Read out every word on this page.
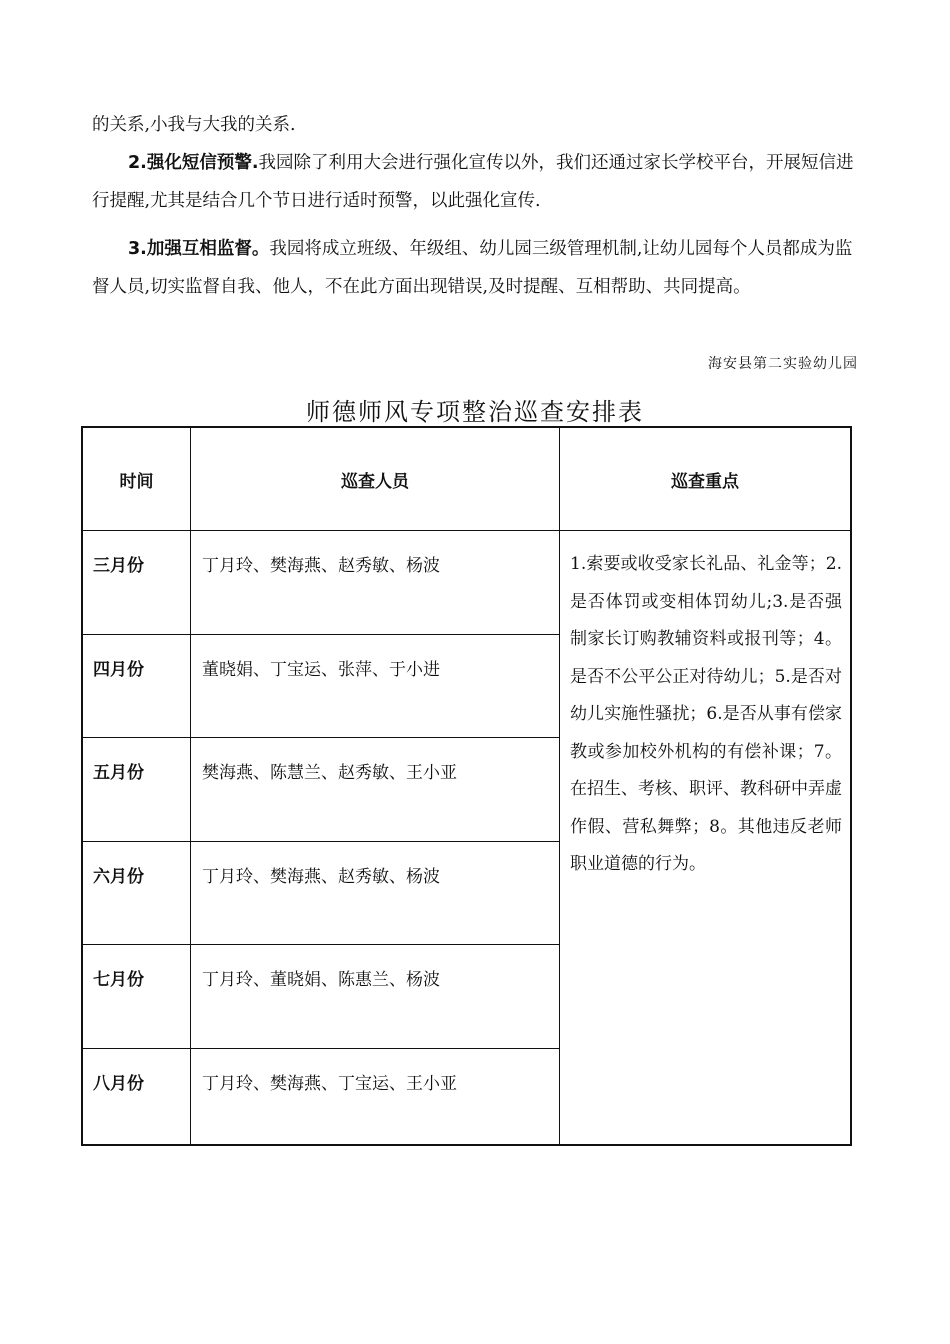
的关系,小我与大我的关系.

2.强化短信预警.我园除了利用大会进行强化宣传以外，我们还通过家长学校平台，开展短信进行提醒,尤其是结合几个节日进行适时预警，以此强化宣传.

3.加强互相监督。我园将成立班级、年级组、幼儿园三级管理机制,让幼儿园每个人员都成为监督人员,切实监督自我、他人，不在此方面出现错误,及时提醒、互相帮助、共同提高。

海安县第二实验幼儿园
师德师风专项整治巡查安排表
时间	巡查人员	巡查重点
三月份	丁月玲、樊海燕、赵秀敏、杨波
四月份	董晓娟、丁宝运、张萍、于小进
五月份	樊海燕、陈慧兰、赵秀敏、王小亚
六月份	丁月玲、樊海燕、赵秀敏、杨波
七月份	丁月玲、董晓娟、陈惠兰、杨波
八月份	丁月玲、樊海燕、丁宝运、王小亚
1.索要或收受家长礼品、礼金等；2.是否体罚或变相体罚幼儿;3.是否强制家长订购教辅资料或报刊等；4。是否不公平公正对待幼儿；5.是否对幼儿实施性骚扰；6.是否从事有偿家教或参加校外机构的有偿补课；7。在招生、考核、职评、教科研中弄虚作假、营私舞弊；8。其他违反老师职业道德的行为。
